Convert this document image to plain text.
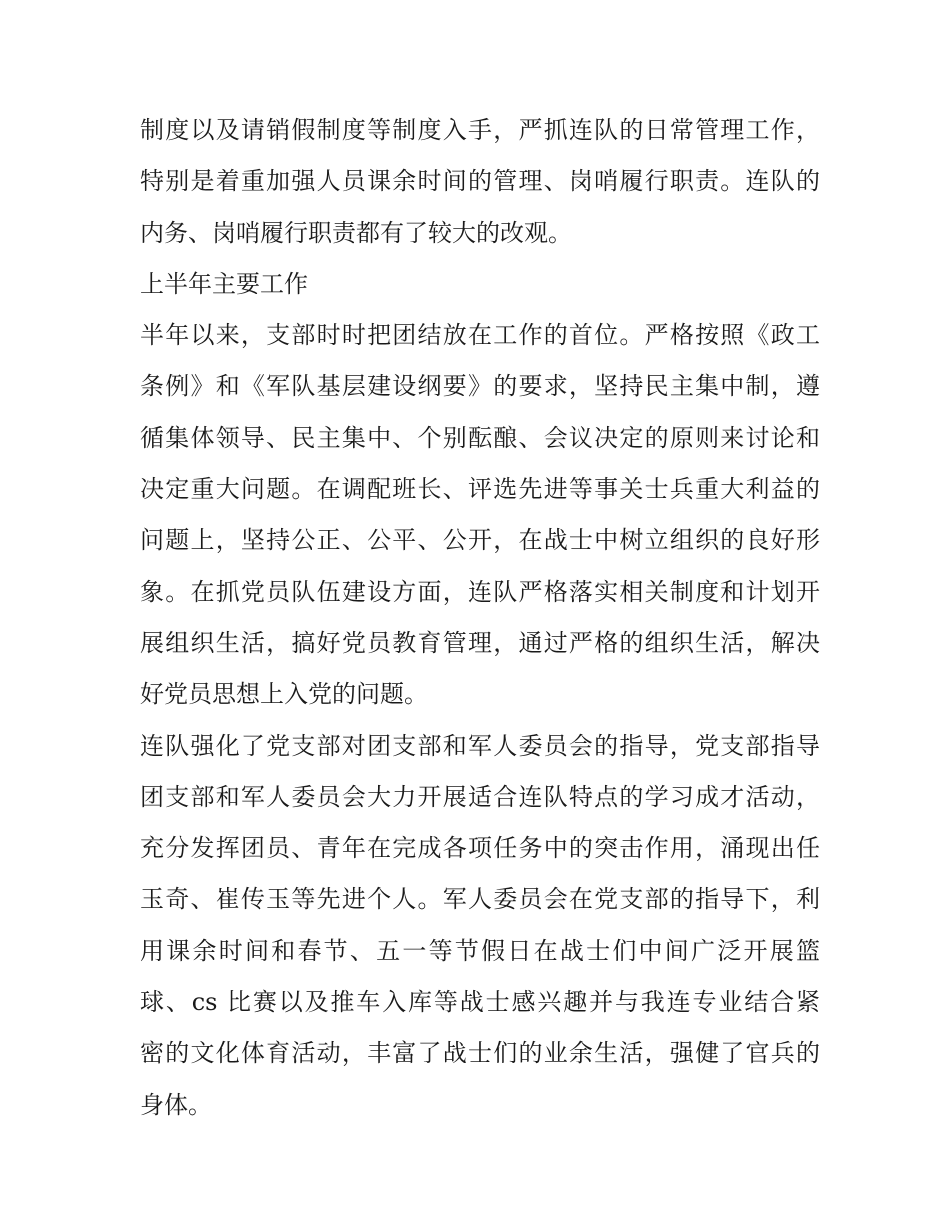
制度以及请销假制度等制度入手，严抓连队的日常管理工作，
特别是着重加强人员课余时间的管理、岗哨履行职责。连队的
内务、岗哨履行职责都有了较大的改观。
上半年主要工作
半年以来，支部时时把团结放在工作的首位。严格按照《政工
条例》和《军队基层建设纲要》的要求，坚持民主集中制，遵
循集体领导、民主集中、个别酝酿、会议决定的原则来讨论和
决定重大问题。在调配班长、评选先进等事关士兵重大利益的
问题上，坚持公正、公平、公开，在战士中树立组织的良好形
象。在抓党员队伍建设方面，连队严格落实相关制度和计划开
展组织生活，搞好党员教育管理，通过严格的组织生活，解决
好党员思想上入党的问题。
连队强化了党支部对团支部和军人委员会的指导，党支部指导
团支部和军人委员会大力开展适合连队特点的学习成才活动，
充分发挥团员、青年在完成各项任务中的突击作用，涌现出任
玉奇、崔传玉等先进个人。军人委员会在党支部的指导下，利
用课余时间和春节、五一等节假日在战士们中间广泛开展篮
球、cs 比赛以及推车入库等战士感兴趣并与我连专业结合紧
密的文化体育活动，丰富了战士们的业余生活，强健了官兵的
身体。
